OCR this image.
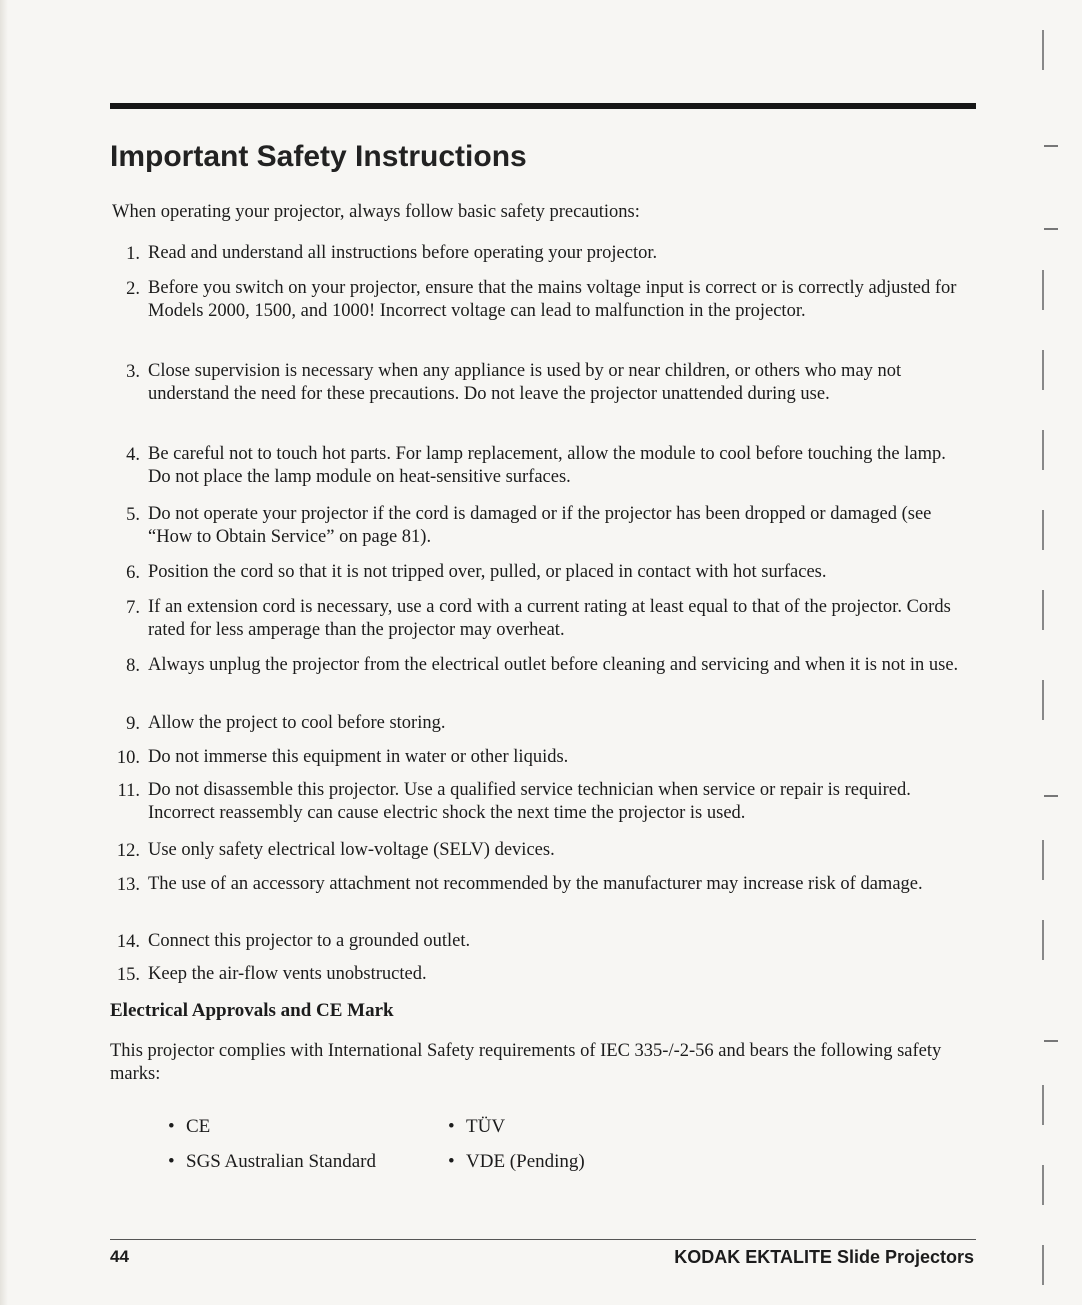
Important Safety Instructions
When operating your projector, always follow basic safety precautions:
1. Read and understand all instructions before operating your projector.
2. Before you switch on your projector, ensure that the mains voltage input is correct or is correctly adjusted for Models 2000, 1500, and 1000! Incorrect voltage can lead to malfunction in the projector.
3. Close supervision is necessary when any appliance is used by or near children, or others who may not understand the need for these precautions. Do not leave the projector unattended during use.
4. Be careful not to touch hot parts. For lamp replacement, allow the module to cool before touching the lamp. Do not place the lamp module on heat-sensitive surfaces.
5. Do not operate your projector if the cord is damaged or if the projector has been dropped or damaged (see “How to Obtain Service” on page 81).
6. Position the cord so that it is not tripped over, pulled, or placed in contact with hot surfaces.
7. If an extension cord is necessary, use a cord with a current rating at least equal to that of the projector. Cords rated for less amperage than the projector may overheat.
8. Always unplug the projector from the electrical outlet before cleaning and servicing and when it is not in use.
9. Allow the project to cool before storing.
10. Do not immerse this equipment in water or other liquids.
11. Do not disassemble this projector. Use a qualified service technician when service or repair is required. Incorrect reassembly can cause electric shock the next time the projector is used.
12. Use only safety electrical low-voltage (SELV) devices.
13. The use of an accessory attachment not recommended by the manufacturer may increase risk of damage.
14. Connect this projector to a grounded outlet.
15. Keep the air-flow vents unobstructed.
Electrical Approvals and CE Mark
This projector complies with International Safety requirements of IEC 335-/-2-56 and bears the following safety marks:
• CE	• TÜV
• SGS Australian Standard	• VDE (Pending)
44	KODAK EKTALITE Slide Projectors
